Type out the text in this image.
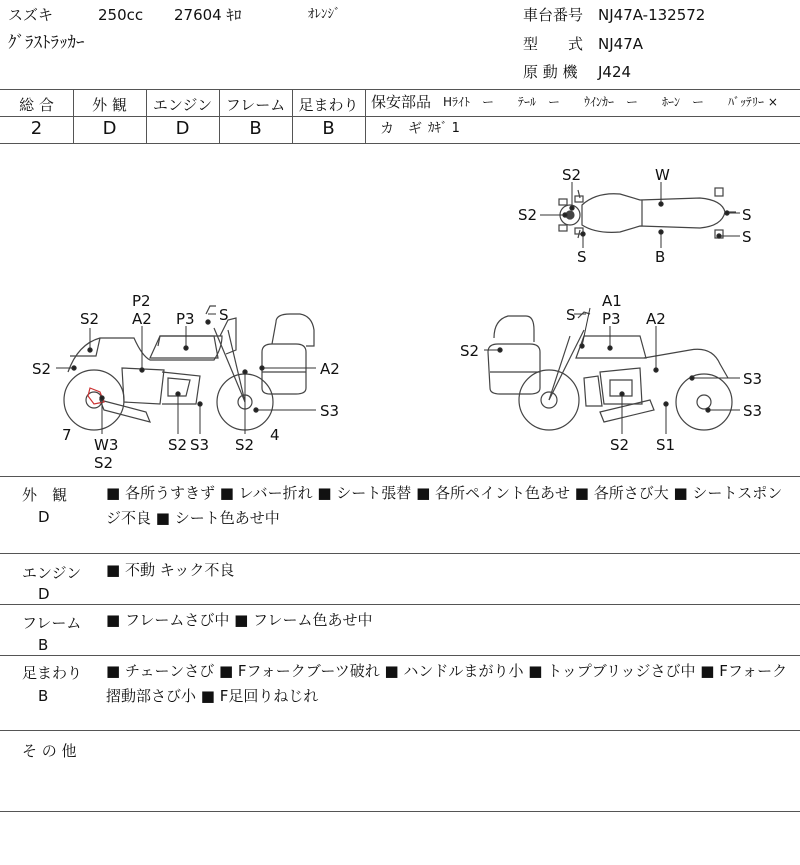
スズキ	250cc 27604 ｷﾛ	ｵﾚﾝｼﾞ
ｸﾞﾗｽﾄﾗｯｶｰ
車台番号 NJ47A-132572
型　　式 NJ47A
原 動 機 J424
総 合	外 観	エンジン フレーム 足まわり
2	D	D	B	B
保安部品 Hﾗｲﾄ　ー　　ﾃｰﾙ　ー　　ｳｲﾝｶｰ　ー　　ﾎｰﾝ　ー　　ﾊﾞｯﾃﾘｰ ×
カ　ギ ｶｷﾞ 1
S2	W
S2	S
S
S	B
S2
P2
A2 P3 S
S2	A2
S3
7
W3
S2
S2 S3 S2
4
A1
S P3 A2
S2
S3
S3
S2 S1
外　観
D
■ 各所うすきず ■ レバー折れ ■ シート張替 ■ 各所ペイント色あせ ■ 各所さび大 ■ シートスポンジ不良 ■ シート色あせ中
エンジン
D
■ 不動 キック不良
フレーム
B
■ フレームさび中 ■ フレーム色あせ中
足まわり
B
■ チェーンさび ■ Fフォークブーツ破れ ■ ハンドルまがり小 ■ トップブリッジさび中 ■ Fフォーク摺動部さび小 ■ F足回りねじれ
そ の 他
